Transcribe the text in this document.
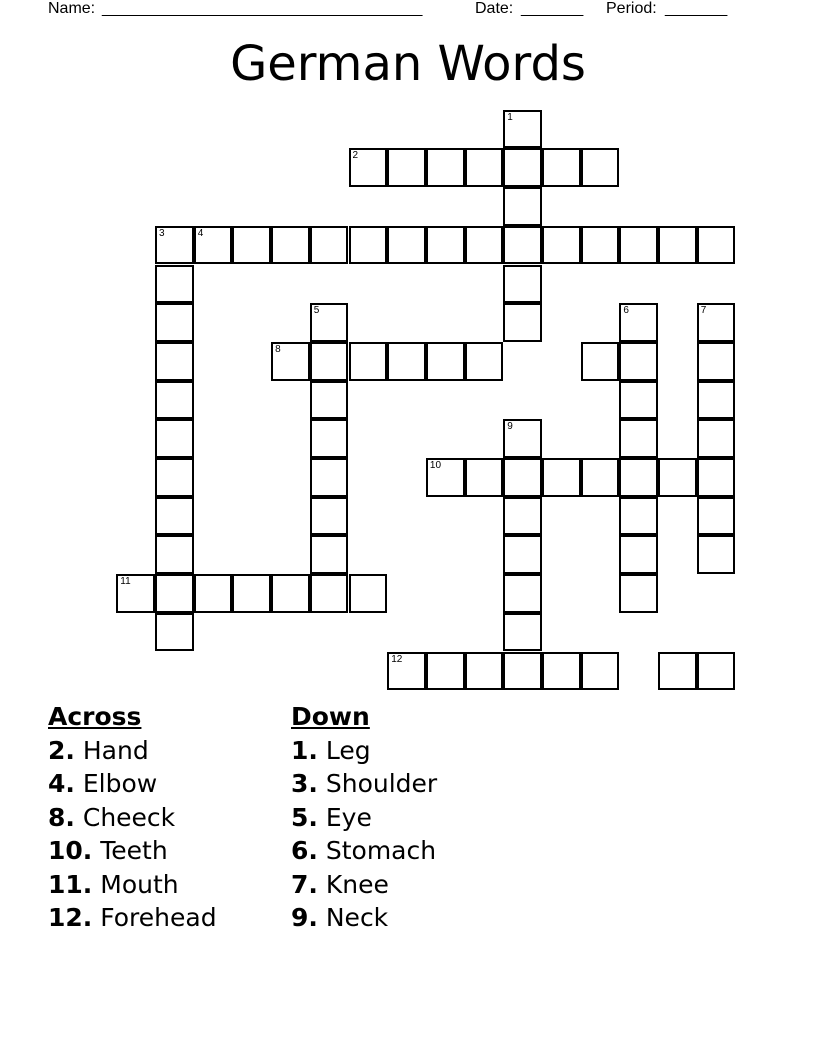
Name: ____________________________________	Date: _______ Period: _______
German Words
1
2
4
3
5	6	7
8
9
10
11
12
Across
2. Hand
4. Elbow
8. Cheeck
10. Teeth
11. Mouth
12. Forehead
Down
1. Leg
3. Shoulder
5. Eye
6. Stomach
7. Knee
9. Neck
